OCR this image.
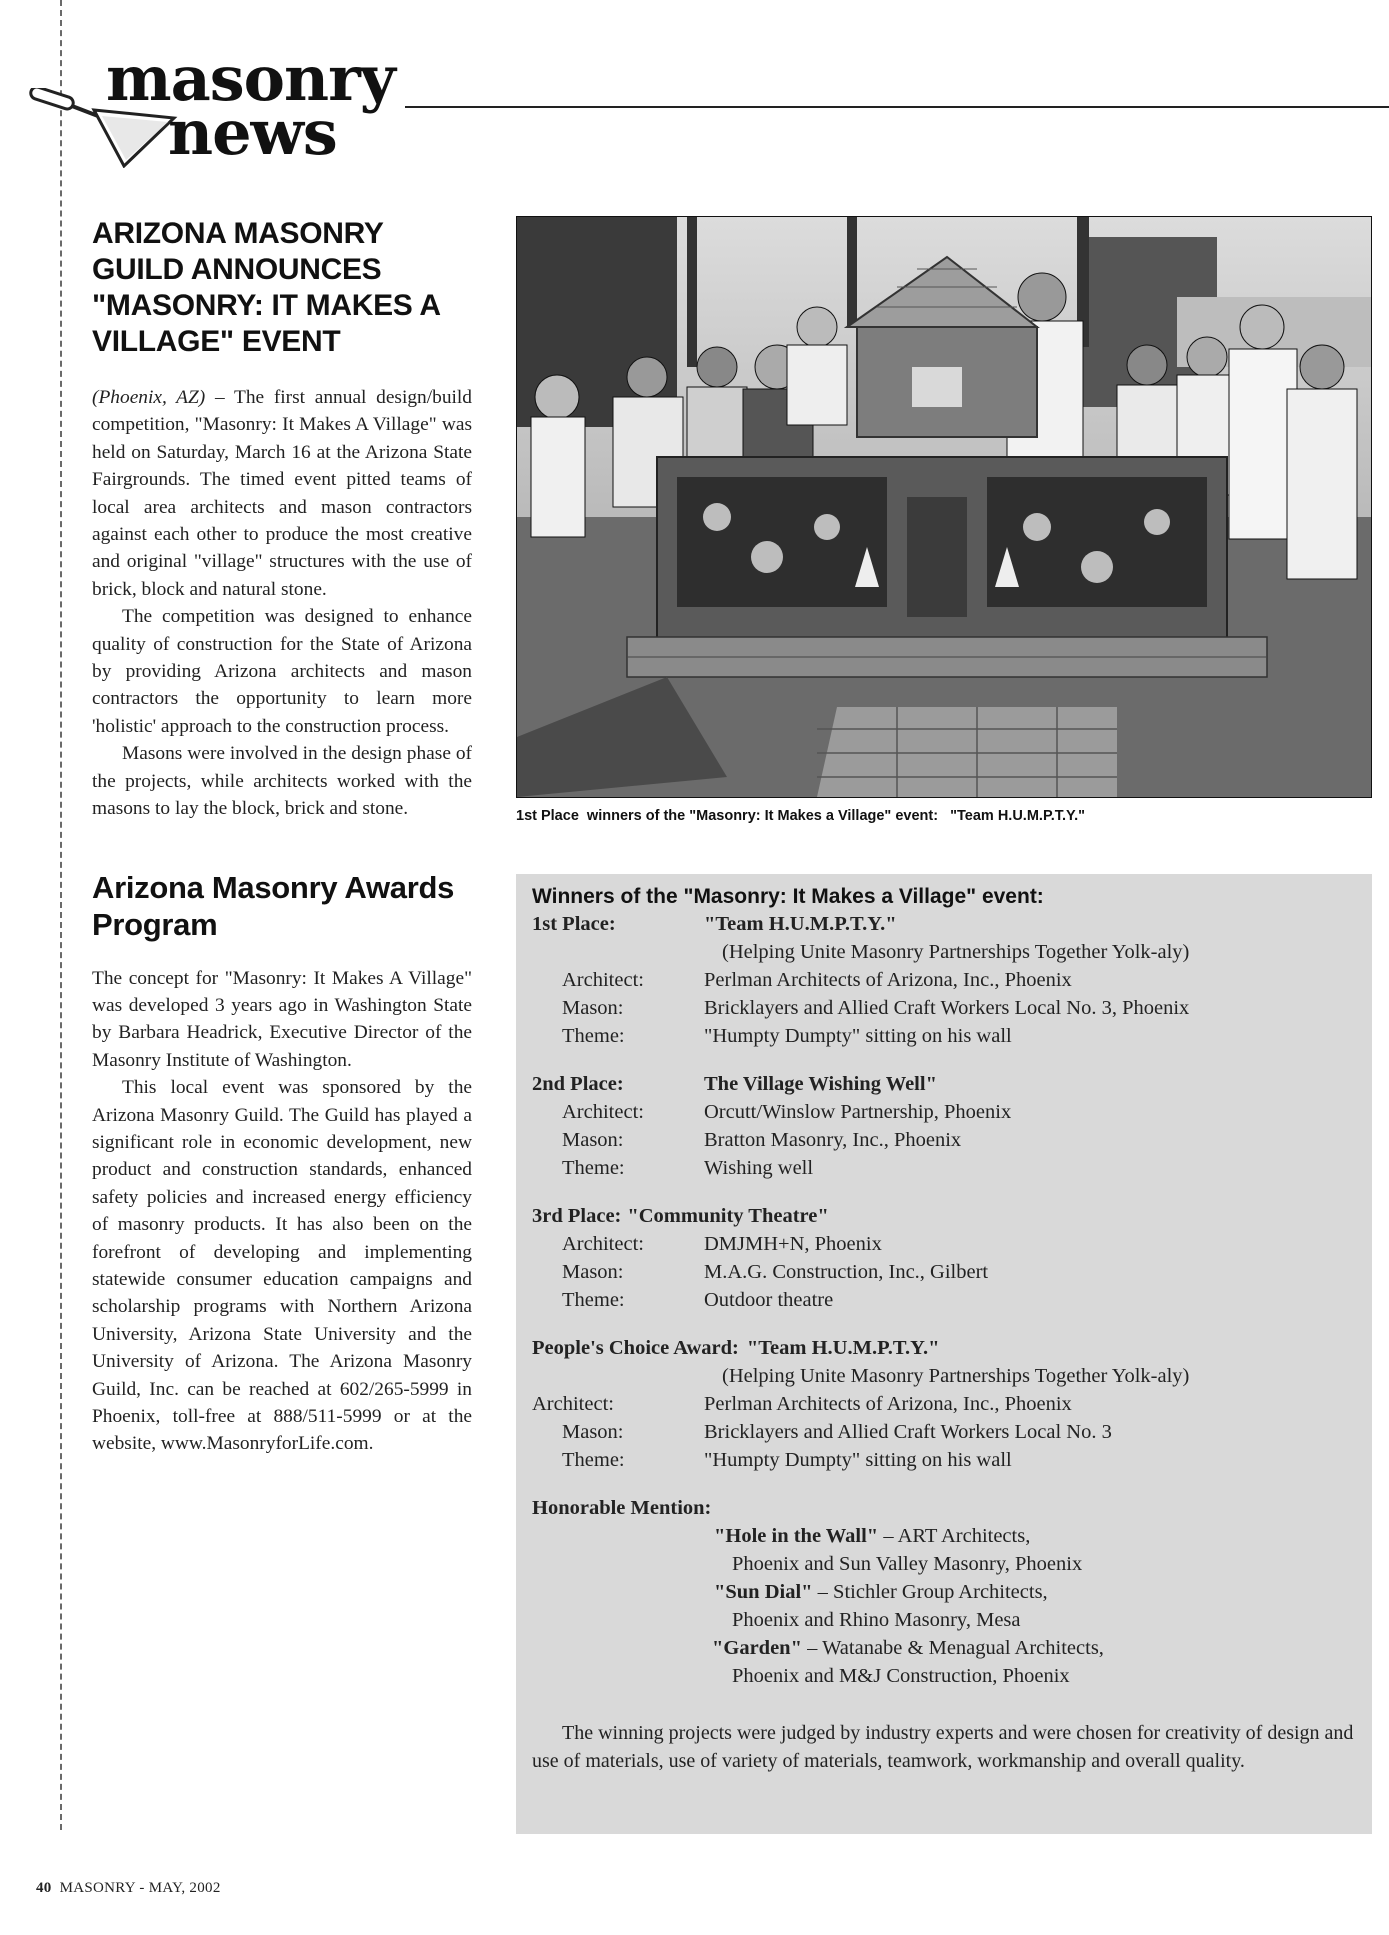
masonry
news
ARIZONA MASONRY GUILD ANNOUNCES "MASONRY: IT MAKES A VILLAGE" EVENT

(Phoenix, AZ) – The first annual design/build competition, "Masonry: It Makes A Village" was held on Saturday, March 16 at the Arizona State Fairgrounds. The timed event pitted teams of local area architects and mason contractors against each other to produce the most creative and original "village" structures with the use of brick, block and natural stone.

The competition was designed to enhance quality of construction for the State of Arizona by providing Arizona architects and mason contractors the opportunity to learn more 'holistic' approach to the construction process.

Masons were involved in the design phase of the projects, while architects worked with the masons to lay the block, brick and stone.

Arizona Masonry Awards Program

The concept for "Masonry: It Makes A Village" was developed 3 years ago in Washington State by Barbara Headrick, Executive Director of the Masonry Institute of Washington.

This local event was sponsored by the Arizona Masonry Guild. The Guild has played a significant role in economic development, new product and construction standards, enhanced safety policies and increased energy efficiency of masonry products. It has also been on the forefront of developing and implementing statewide consumer education campaigns and scholarship programs with Northern Arizona University, Arizona State University and the University of Arizona. The Arizona Masonry Guild, Inc. can be reached at 602/265-5999 in Phoenix, toll-free at 888/511-5999 or at the website, www.MasonryforLife.com.

1st Place  winners of the "Masonry: It Makes a Village" event:   "Team H.U.M.P.T.Y."
Winners of the "Masonry: It Makes a Village" event:
1st Place:	"Team H.U.M.P.T.Y."
(Helping Unite Masonry Partnerships Together Yolk-aly)
Architect:	Perlman Architects of Arizona, Inc., Phoenix
Mason:	Bricklayers and Allied Craft Workers Local No. 3, Phoenix
Theme:	"Humpty Dumpty" sitting on his wall
2nd Place:	The Village Wishing Well"
Architect:	Orcutt/Winslow Partnership, Phoenix
Mason:	Bratton Masonry, Inc., Phoenix
Theme:	Wishing well
3rd Place: "Community Theatre"
Architect:	DMJMH+N, Phoenix
Mason:	M.A.G. Construction, Inc., Gilbert
Theme:	Outdoor theatre
People's Choice Award: "Team H.U.M.P.T.Y."
(Helping Unite Masonry Partnerships Together Yolk-aly)
Architect:	Perlman Architects of Arizona, Inc., Phoenix
Mason:	Bricklayers and Allied Craft Workers Local No. 3
Theme:	"Humpty Dumpty" sitting on his wall
Honorable Mention:
"Hole in the Wall" – ART Architects,
Phoenix and Sun Valley Masonry, Phoenix
"Sun Dial" – Stichler Group Architects,
Phoenix and Rhino Masonry, Mesa
"Garden" – Watanabe & Menagual Architects,
Phoenix and M&J Construction, Phoenix
The winning projects were judged by industry experts and were chosen for creativity of design and use of materials, use of variety of materials, teamwork, workmanship and overall quality.
40 MASONRY - MAY, 2002
